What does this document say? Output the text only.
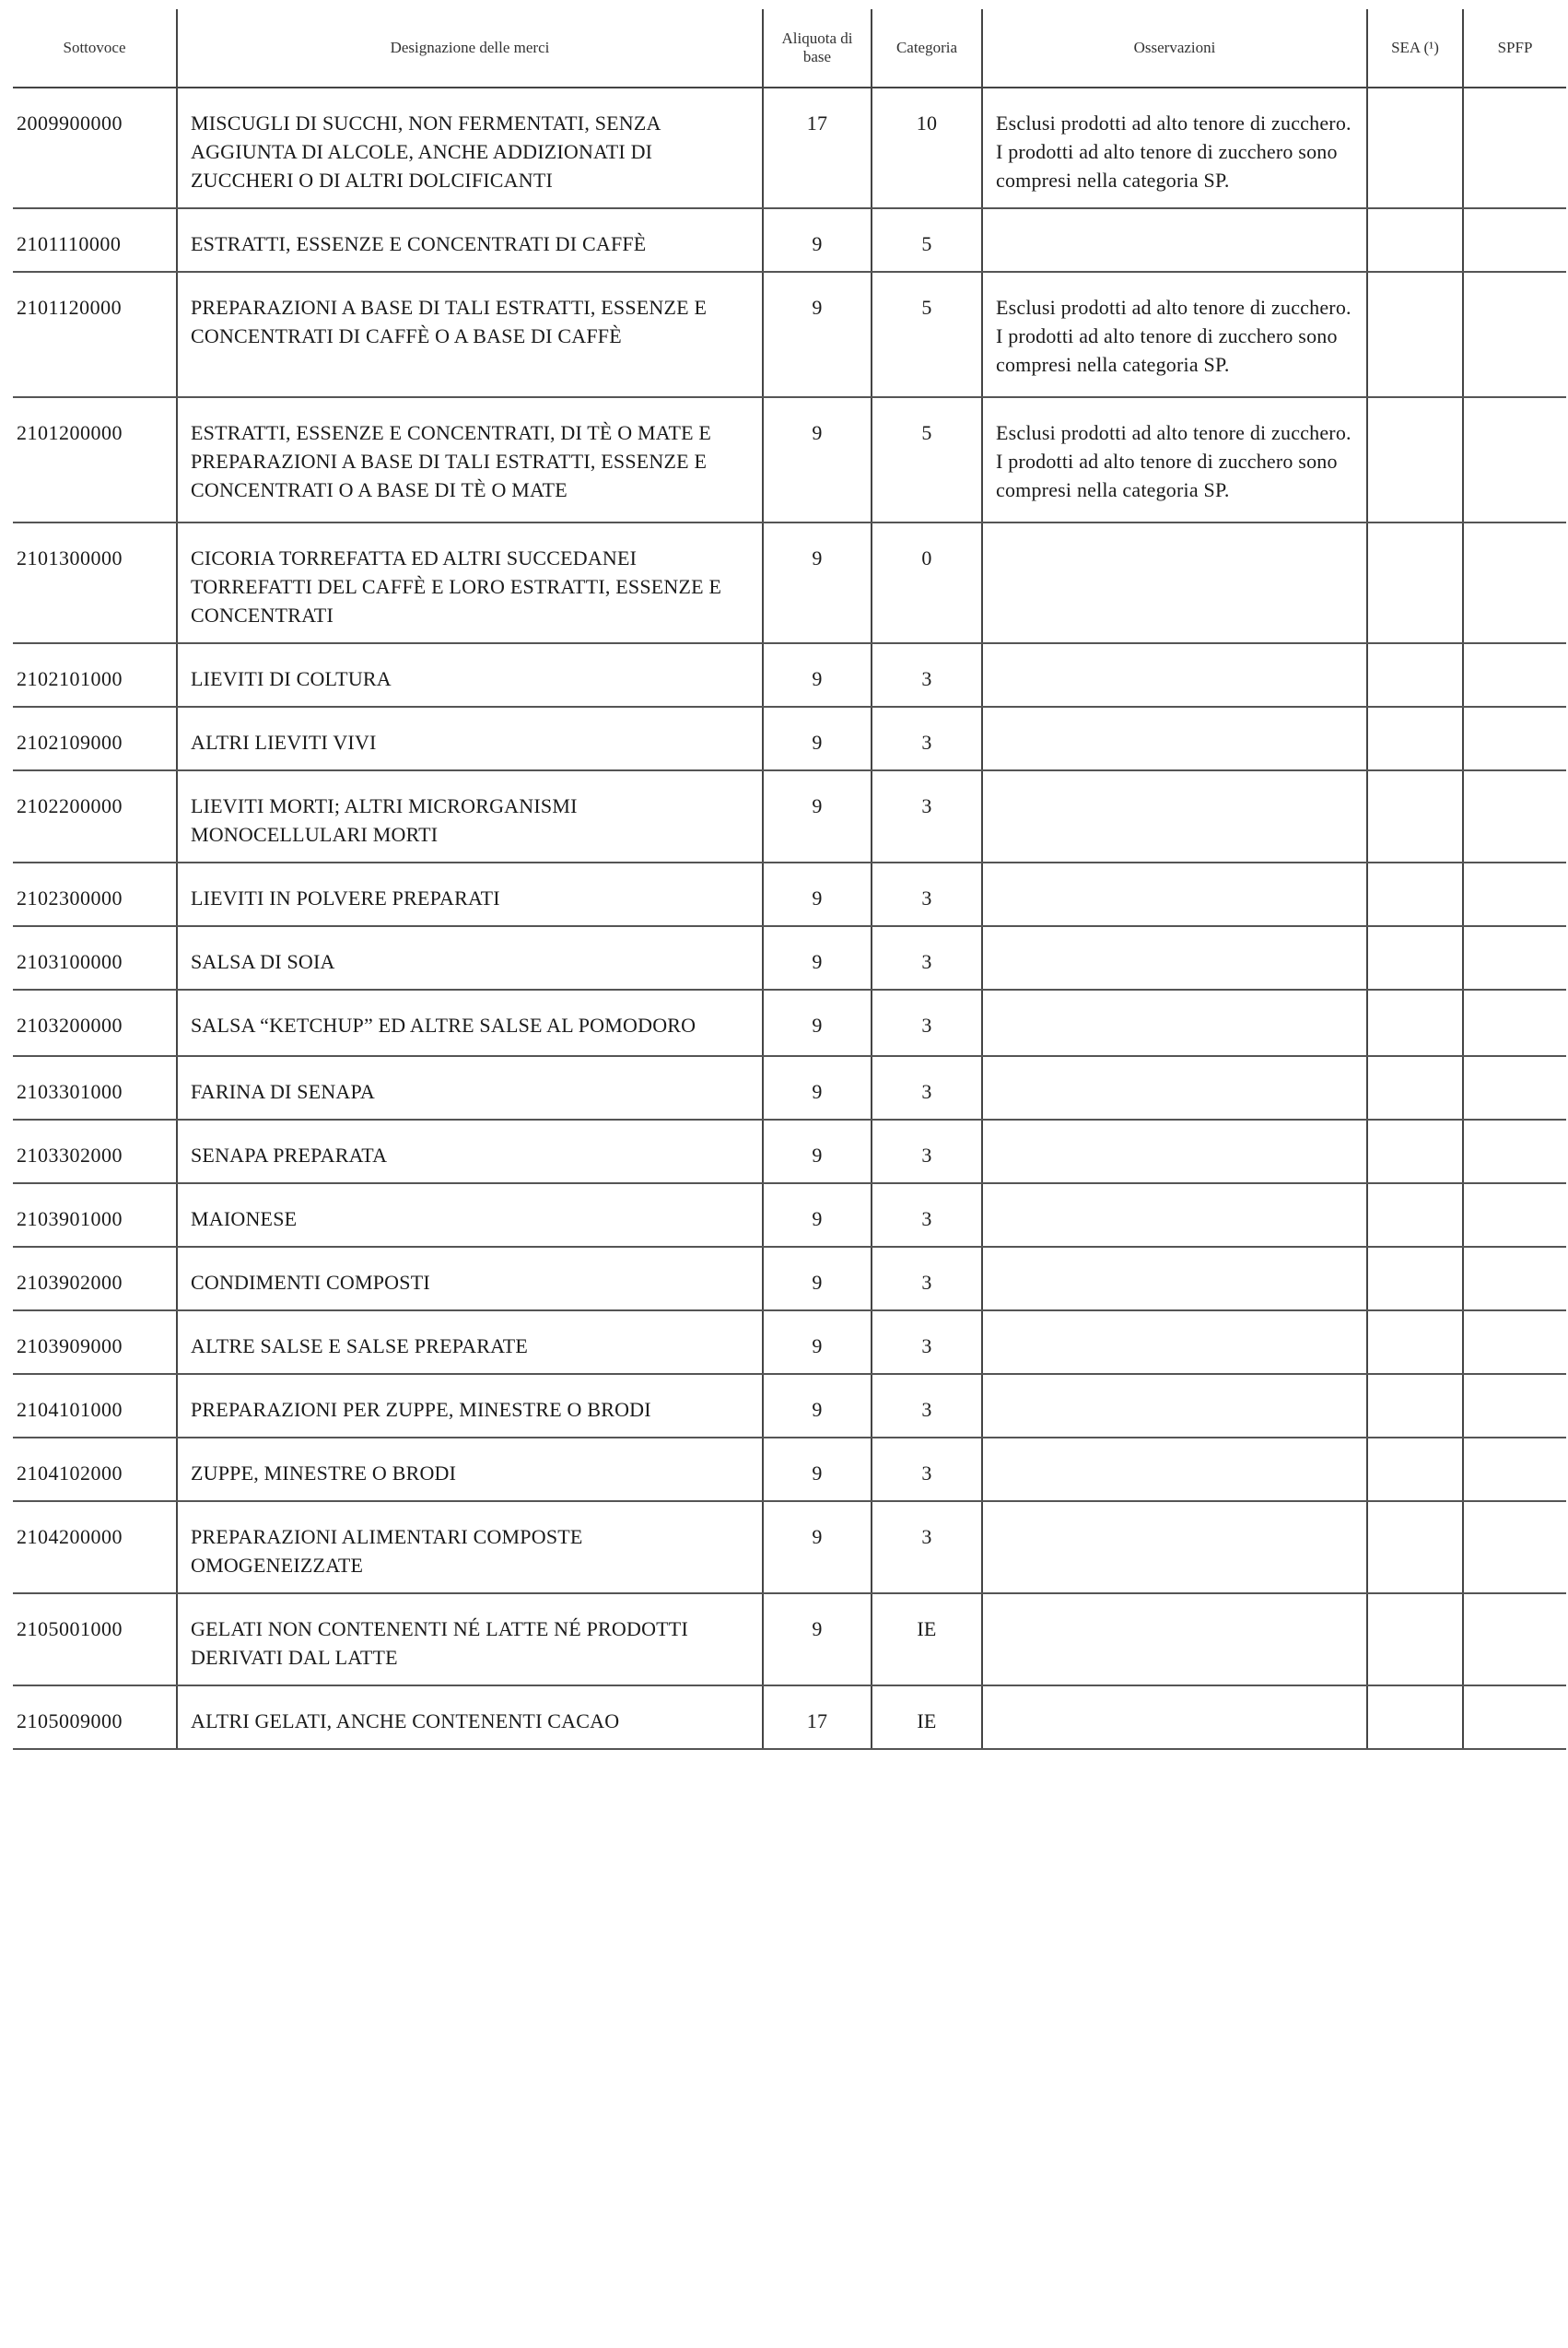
Sottovoce	Designazione delle merci	Aliquota di base	Categoria	Osservazioni	SEA (¹)	SPFP
2009900000	MISCUGLI DI SUCCHI, NON FERMENTATI, SENZA AGGIUNTA DI ALCOLE, ANCHE ADDIZIONATI DI ZUCCHERI O DI ALTRI DOLCIFICANTI	17	10	Esclusi prodotti ad alto tenore di zucchero. I prodotti ad alto tenore di zucchero sono compresi nella categoria SP.		
2101110000	ESTRATTI, ESSENZE E CONCENTRATI DI CAFFÈ	9	5			
2101120000	PREPARAZIONI A BASE DI TALI ESTRATTI, ESSENZE E CONCENTRATI DI CAFFÈ O A BASE DI CAFFÈ	9	5	Esclusi prodotti ad alto tenore di zucchero. I prodotti ad alto tenore di zucchero sono compresi nella categoria SP.		
2101200000	ESTRATTI, ESSENZE E CONCENTRATI, DI TÈ O MATE E PREPARAZIONI A BASE DI TALI ESTRATTI, ESSENZE E CONCENTRATI O A BASE DI TÈ O MATE	9	5	Esclusi prodotti ad alto tenore di zucchero. I prodotti ad alto tenore di zucchero sono compresi nella categoria SP.		
2101300000	CICORIA TORREFATTA ED ALTRI SUCCEDANEI TORREFATTI DEL CAFFÈ E LORO ESTRATTI, ESSENZE E CONCENTRATI	9	0			
2102101000	LIEVITI DI COLTURA	9	3			
2102109000	ALTRI LIEVITI VIVI	9	3			
2102200000	LIEVITI MORTI; ALTRI MICRORGANISMI MONOCELLULARI MORTI	9	3			
2102300000	LIEVITI IN POLVERE PREPARATI	9	3			
2103100000	SALSA DI SOIA	9	3			
2103200000	SALSA “KETCHUP” ED ALTRE SALSE AL POMODORO	9	3			
2103301000	FARINA DI SENAPA	9	3			
2103302000	SENAPA PREPARATA	9	3			
2103901000	MAIONESE	9	3			
2103902000	CONDIMENTI COMPOSTI	9	3			
2103909000	ALTRE SALSE E SALSE PREPARATE	9	3			
2104101000	PREPARAZIONI PER ZUPPE, MINESTRE O BRODI	9	3			
2104102000	ZUPPE, MINESTRE O BRODI	9	3			
2104200000	PREPARAZIONI ALIMENTARI COMPOSTE OMOGENEIZZATE	9	3			
2105001000	GELATI NON CONTENENTI NÉ LATTE NÉ PRODOTTI DERIVATI DAL LATTE	9	IE			
2105009000	ALTRI GELATI, ANCHE CONTENENTI CACAO	17	IE			
